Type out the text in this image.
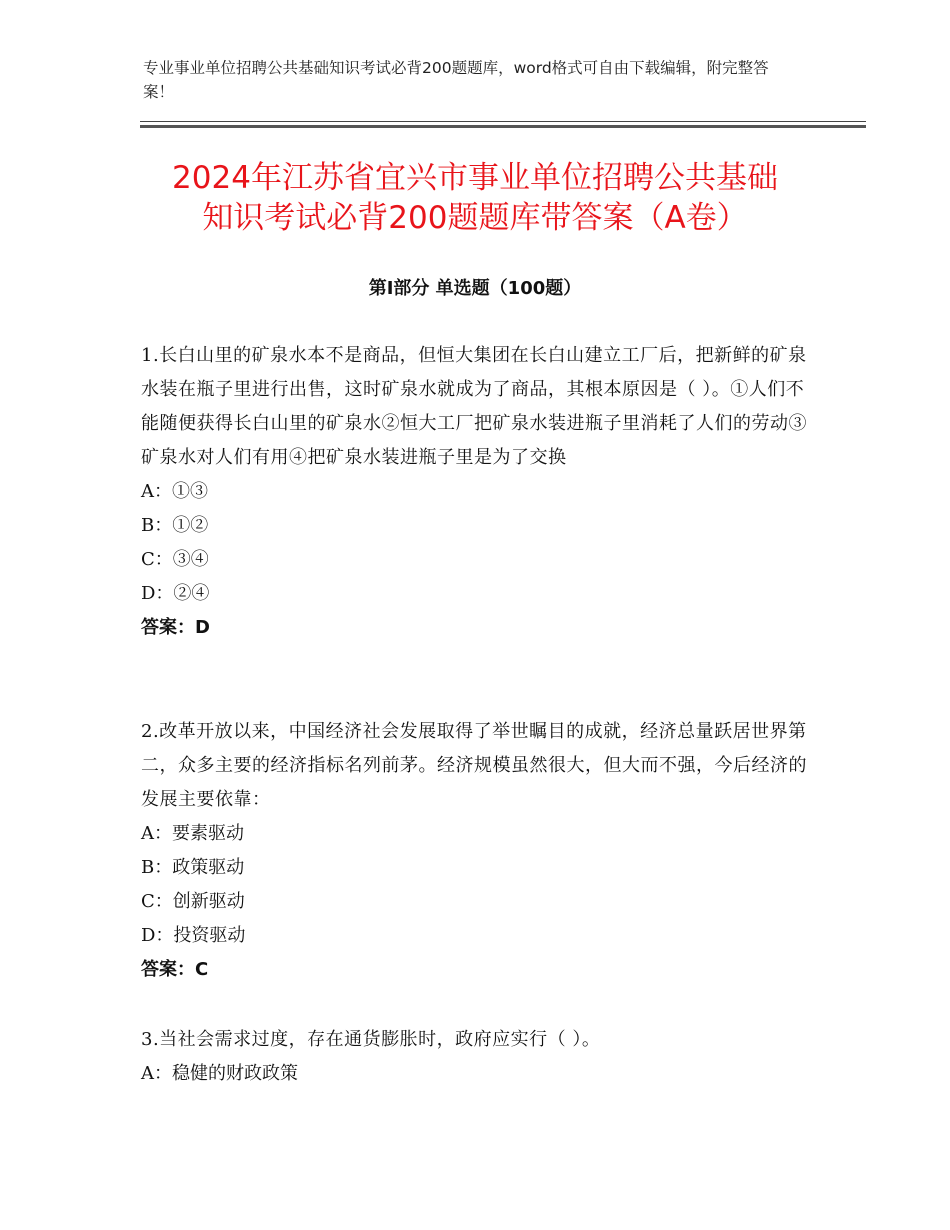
专业事业单位招聘公共基础知识考试必背200题题库，word格式可自由下载编辑，附完整答案！
2024年江苏省宜兴市事业单位招聘公共基础
知识考试必背200题题库带答案（A卷）
第Ⅰ部分 单选题（100题）

1.长白山里的矿泉水本不是商品，但恒大集团在长白山建立工厂后，把新鲜的矿泉水装在瓶子里进行出售，这时矿泉水就成为了商品，其根本原因是（ ）。①人们不能随便获得长白山里的矿泉水②恒大工厂把矿泉水装进瓶子里消耗了人们的劳动③矿泉水对人们有用④把矿泉水装进瓶子里是为了交换

A：①③

B：①②

C：③④

D：②④

答案：D

2.改革开放以来，中国经济社会发展取得了举世瞩目的成就，经济总量跃居世界第二，众多主要的经济指标名列前茅。经济规模虽然很大，但大而不强，今后经济的发展主要依靠：

A：要素驱动

B：政策驱动

C：创新驱动

D：投资驱动

答案：C

3.当社会需求过度，存在通货膨胀时，政府应实行（ ）。

A：稳健的财政政策
